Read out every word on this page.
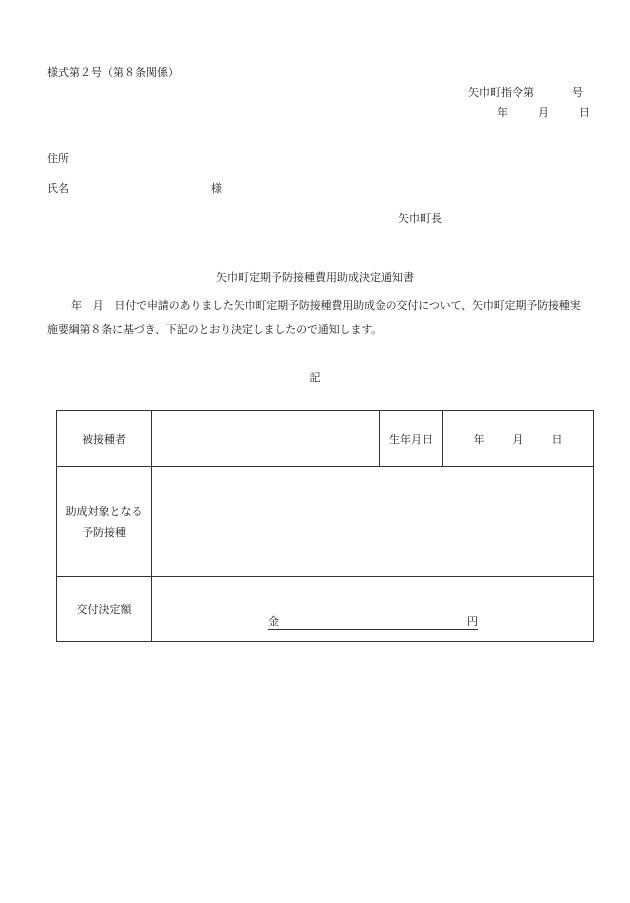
様式第２号（第８条関係）
矢巾町指令第	号
年	月	日
住所
氏名	様
矢巾町長
矢巾町定期予防接種費用助成決定通知書
年　月　日付で申請のありました矢巾町定期予防接種費用助成金の交付について、矢巾町定期予防接種実施要綱第８条に基づき、下記のとおり決定しましたので通知します。
記
被接種者		生年月日	年 月 日

助成対象となる
予防接種			

交付決定額	金 円		
